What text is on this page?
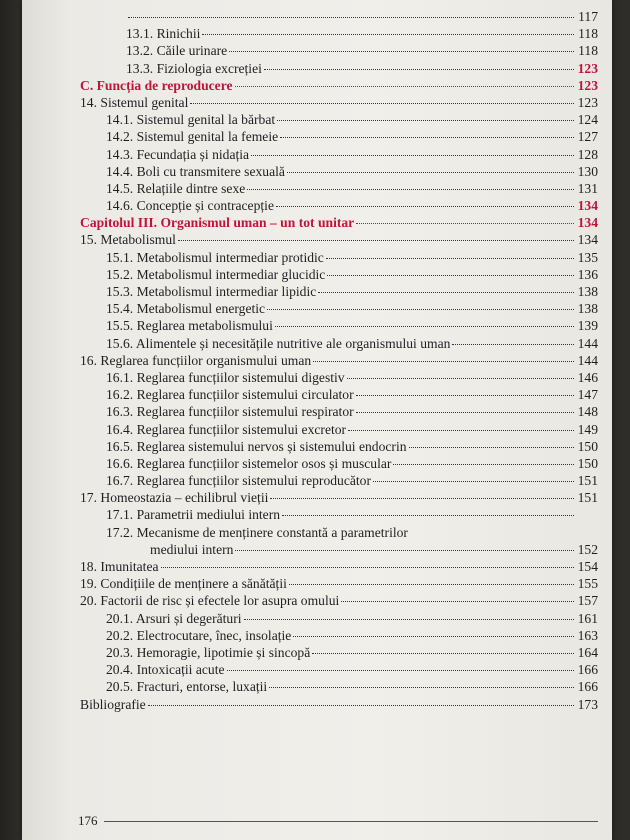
117
13.1. Rinichii	118
13.2. Căile urinare	118
13.3. Fiziologia excreției	123
C. Funcția de reproducere	123
14. Sistemul genital	123
14.1. Sistemul genital la bărbat	124
14.2. Sistemul genital la femeie	127
14.3. Fecundația și nidația	128
14.4. Boli cu transmitere sexuală	130
14.5. Relațiile dintre sexe	131
14.6. Concepție și contracepție	134
Capitolul III. Organismul uman – un tot unitar	134
15. Metabolismul	134
15.1. Metabolismul intermediar protidic	135
15.2. Metabolismul intermediar glucidic	136
15.3. Metabolismul intermediar lipidic	138
15.4. Metabolismul energetic	138
15.5. Reglarea metabolismului	139
15.6. Alimentele și necesitățile nutritive ale organismului uman	144
16. Reglarea funcțiilor organismului uman	144
16.1. Reglarea funcțiilor sistemului digestiv	146
16.2. Reglarea funcțiilor sistemului circulator	147
16.3. Reglarea funcțiilor sistemului respirator	148
16.4. Reglarea funcțiilor sistemului excretor	149
16.5. Reglarea sistemului nervos și sistemului endocrin	150
16.6. Reglarea funcțiilor sistemelor osos și muscular	150
16.7. Reglarea funcțiilor sistemului reproducător	151
17. Homeostazia – echilibrul vieții	151
17.1. Parametrii mediului intern
17.2. Mecanisme de menținere constantă a parametrilor
mediului intern	152
18. Imunitatea	154
19. Condițiile de menținere a sănătății	155
20. Factorii de risc și efectele lor asupra omului	157
20.1. Arsuri și degerături	161
20.2. Electrocutare, înec, insolație	163
20.3. Hemoragie, lipotimie și sincopă	164
20.4. Intoxicații acute	166
20.5. Fracturi, entorse, luxații	166
Bibliografie	173
176
